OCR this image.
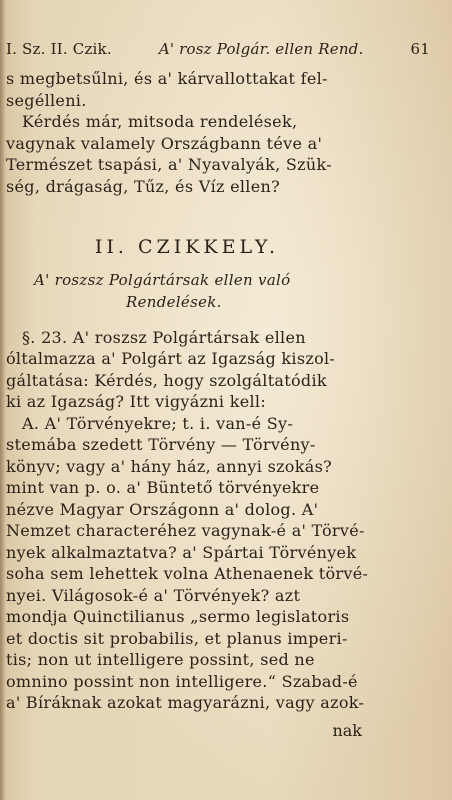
I. Sz. II. Czik.	A' rosz Polgár. ellen Rend.	61
s megbetsűlni, és a' kárvallottakat fel-
segélleni.
Kérdés már, mitsoda rendelések,
vagynak valamely Országbann téve a'
Természet tsapási, a' Nyavalyák, Szük-
ség, drágaság, Tűz, és Víz ellen?
II. CZIKKELY.
A' roszsz Polgártársak ellen való
Rendelések.
§. 23. A' roszsz Polgártársak ellen
óltalmazza a' Polgárt az Igazság kiszol-
gáltatása: Kérdés, hogy szolgáltatódik
ki az Igazság? Itt vigyázni kell:
A. A' Törvényekre; t. i. van-é Sy-
stemába szedett Törvény — Törvény-
könyv; vagy a' hány ház, annyi szokás?
mint van p. o. a' Büntető törvényekre
nézve Magyar Országonn a' dolog. A'
Nemzet characteréhez vagynak-é a' Törvé-
nyek alkalmaztatva? a' Spártai Törvények
soha sem lehettek volna Athenaenek törvé-
nyei. Világosok-é a' Törvények? azt
mondja Quinctilianus „sermo legislatoris
et doctis sit probabilis, et planus imperi-
tis; non ut intelligere possint, sed ne
omnino possint non intelligere.“ Szabad-é
a' Bíráknak azokat magyarázni, vagy azok-
nak
